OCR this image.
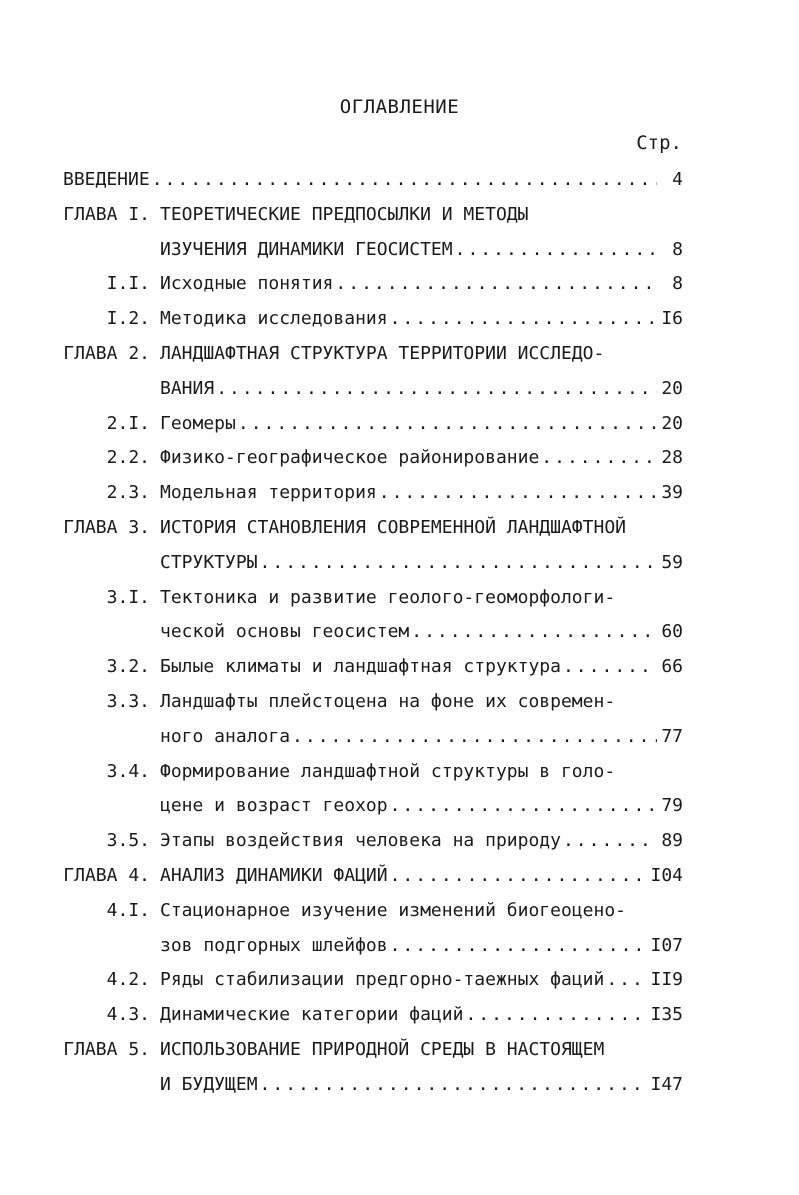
ОГЛАВЛЕНИЕ
Стр.
ВВЕДЕНИЕ .....	4
ГЛАВА I. ТЕОРЕТИЧЕСКИЕ ПРЕДПОСЫЛКИ И МЕТОДЫ
ИЗУЧЕНИЯ ДИНАМИКИ ГЕОСИСТЕМ .....	8
I.I. Исходные понятия .....	8
I.2. Методика исследования .....	I6
ГЛАВА 2. ЛАНДШАФТНАЯ СТРУКТУРА ТЕРРИТОРИИ ИССЛЕДО-
ВАНИЯ .....	20
2.I. Геомеры .....	20
2.2. Физико-географическое районирование .....	28
2.3. Модельная территория .....	39
ГЛАВА 3. ИСТОРИЯ СТАНОВЛЕНИЯ СОВРЕМЕННОЙ ЛАНДШАФТНОЙ
СТРУКТУРЫ .....	59
3.I. Тектоника и развитие геолого-геоморфологи-
ческой основы геосистем .....	60
3.2. Былые климаты и ландшафтная структура .....	66
3.3. Ландшафты плейстоцена на фоне их современ-
ного аналога .....	77
3.4. Формирование ландшафтной структуры в голо-
цене и возраст геохор .....	79
3.5. Этапы воздействия человека на природу .....	89
ГЛАВА 4. АНАЛИЗ ДИНАМИКИ ФАЦИЙ .....	I04
4.I. Стационарное изучение изменений биогеоцено-
зов подгорных шлейфов .....	I07
4.2. Ряды стабилизации предгорно-таежных фаций .....	II9
4.3. Динамические категории фаций .....	I35
ГЛАВА 5. ИСПОЛЬЗОВАНИЕ ПРИРОДНОЙ СРЕДЫ В НАСТОЯЩЕМ
И БУДУЩЕМ .....	I47
